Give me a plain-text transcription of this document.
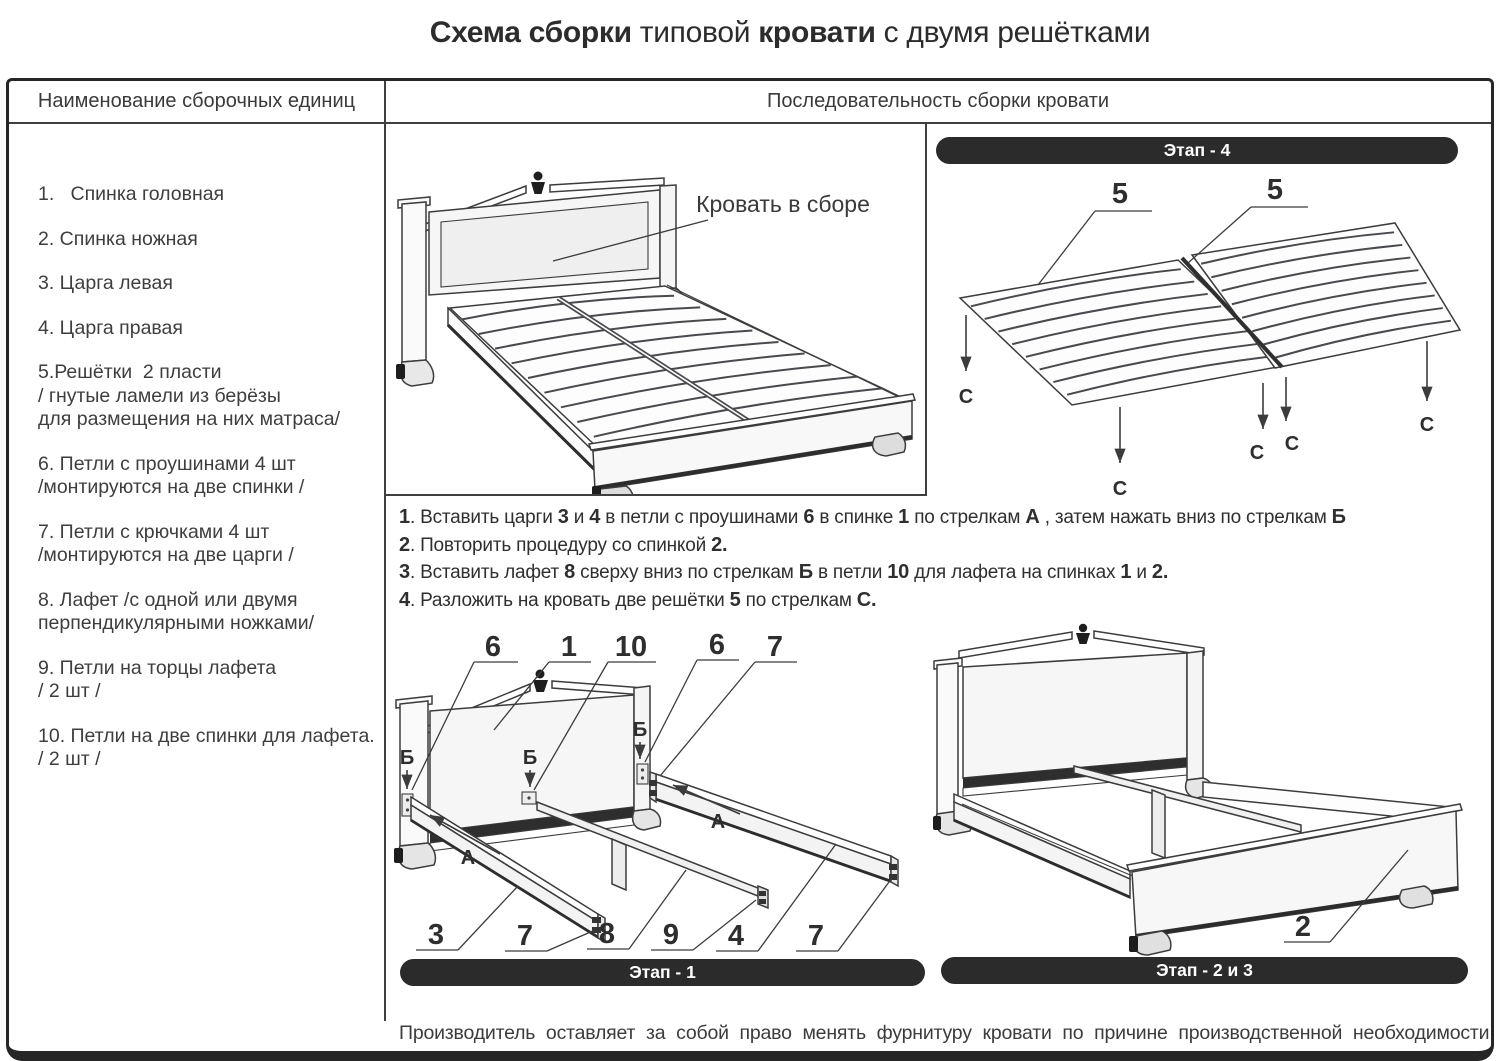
Схема сборки типовой кровати с двумя решётками
Наименование сборочных единиц	Последовательность сборки кровати
1.   Спинка головная
2. Спинка ножная
3. Царга левая
4. Царга правая
5.Решётки  2 пласти
/ гнутые ламели из берёзы
для размещения на них матраса/
6. Петли с проушинами 4 шт
/монтируются на две спинки /
7. Петли с крючками 4 шт
/монтируются на две царги /
8. Лафет /с одной или двумя
перпендикулярными ножками/
9. Петли на торцы лафета
/ 2 шт /
10. Петли на две спинки для лафета.
/ 2 шт /
Кровать в сборе	5	5
С
С
С С
С
Этап - 4
1. Вставить царги 3 и 4 в петли с проушинами 6 в спинке 1 по стрелкам А , затем нажать вниз по стрелкам Б
2. Повторить процедуру со спинкой 2.
3. Вставить лафет 8 сверху вниз по стрелкам Б в петли 10 для лафета на спинках 1 и 2.
4. Разложить на кровать две решётки 5 по стрелкам С.
А
А
Б	Б
Б
6 1 10 6 7
3	7 8 9 4 7	2
Этап - 1	Этап - 2 и 3
Производитель оставляет за собой право менять фурнитуру кровати по причине производственной необходимости
